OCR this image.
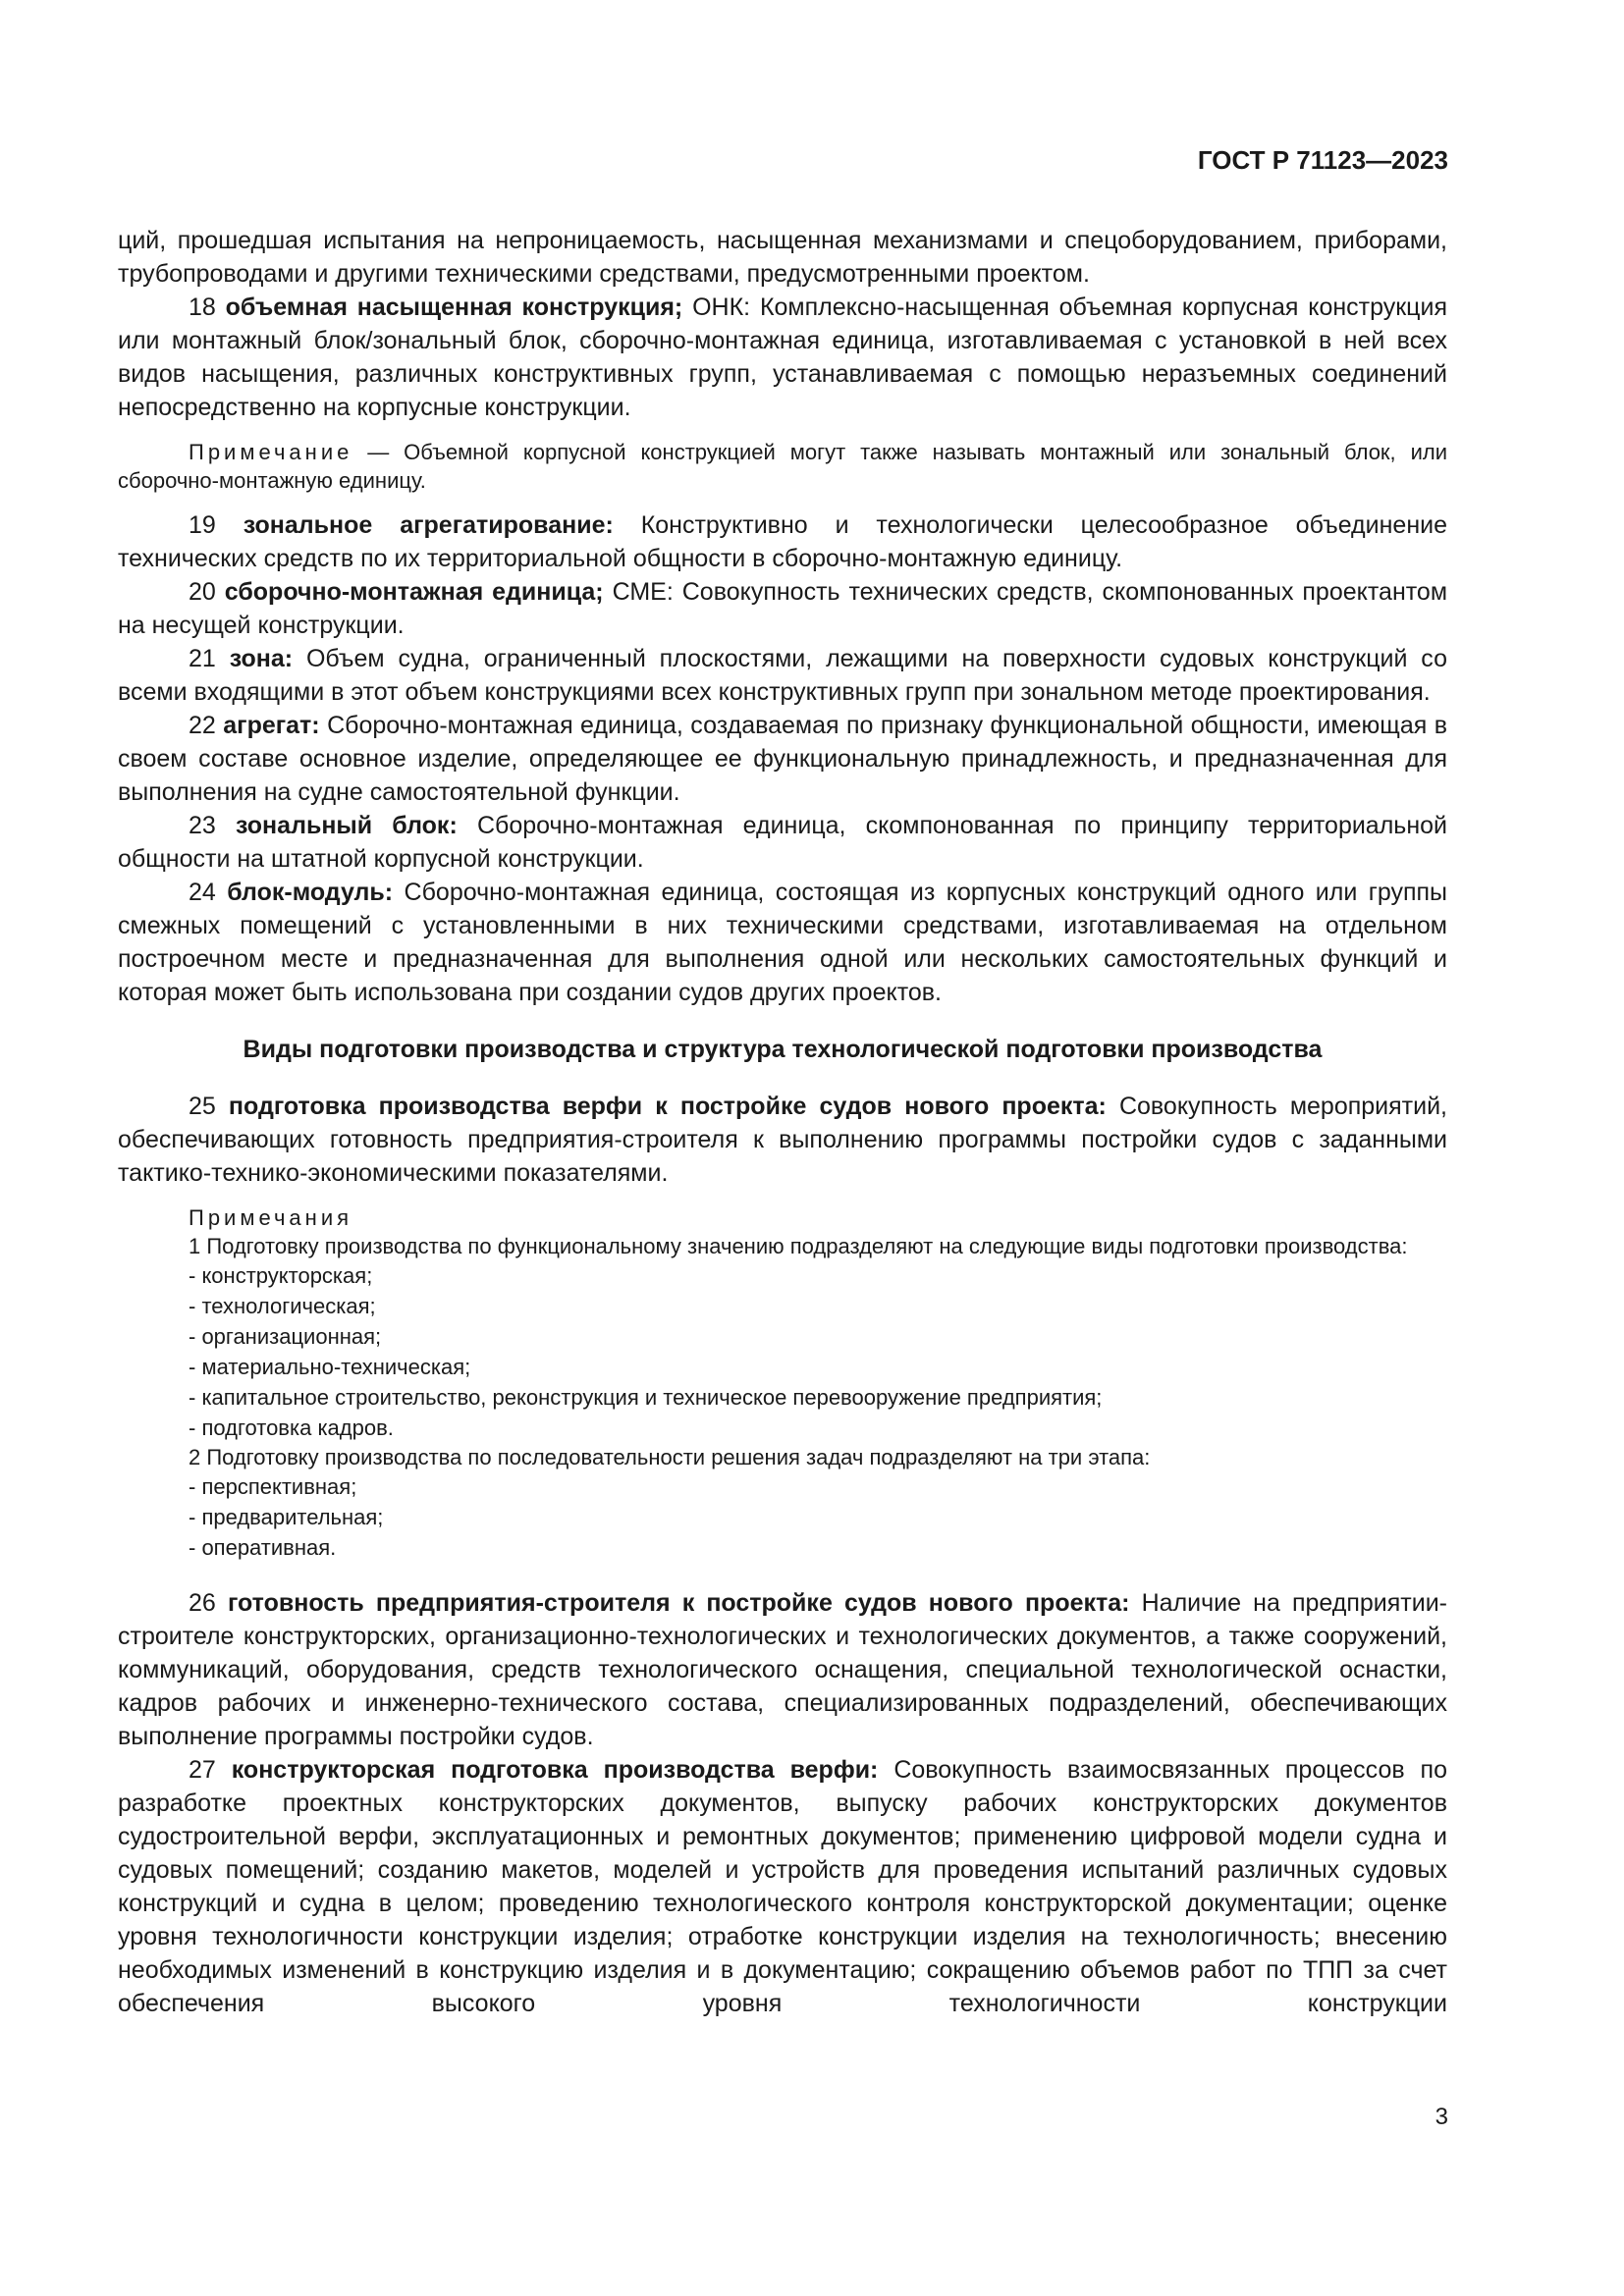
ГОСТ Р 71123—2023

ций, прошедшая испытания на непроницаемость, насыщенная механизмами и спецоборудованием, приборами, трубопроводами и другими техническими средствами, предусмотренными проектом.

18 объемная насыщенная конструкция; ОНК: Комплексно-насыщенная объемная корпусная конструкция или монтажный блок/зональный блок, сборочно-монтажная единица, изготавливаемая с установкой в ней всех видов насыщения, различных конструктивных групп, устанавливаемая с помощью неразъемных соединений непосредственно на корпусные конструкции.

Примечание — Объемной корпусной конструкцией могут также называть монтажный или зональный блок, или сборочно-монтажную единицу.

19 зональное агрегатирование: Конструктивно и технологически целесообразное объединение технических средств по их территориальной общности в сборочно-монтажную единицу.

20 сборочно-монтажная единица; СМЕ: Совокупность технических средств, скомпонованных проектантом на несущей конструкции.

21 зона: Объем судна, ограниченный плоскостями, лежащими на поверхности судовых конструкций со всеми входящими в этот объем конструкциями всех конструктивных групп при зональном методе проектирования.

22 агрегат: Сборочно-монтажная единица, создаваемая по признаку функциональной общности, имеющая в своем составе основное изделие, определяющее ее функциональную принадлежность, и предназначенная для выполнения на судне самостоятельной функции.

23 зональный блок: Сборочно-монтажная единица, скомпонованная по принципу территориальной общности на штатной корпусной конструкции.

24 блок-модуль: Сборочно-монтажная единица, состоящая из корпусных конструкций одного или группы смежных помещений с установленными в них техническими средствами, изготавливаемая на отдельном построечном месте и предназначенная для выполнения одной или нескольких самостоятельных функций и которая может быть использована при создании судов других проектов.

Виды подготовки производства и структура технологической подготовки производства

25 подготовка производства верфи к постройке судов нового проекта: Совокупность мероприятий, обеспечивающих готовность предприятия-строителя к выполнению программы постройки судов с заданными тактико-технико-экономическими показателями.

Примечания

1 Подготовку производства по функциональному значению подразделяют на следующие виды подготовки производства:

- конструкторская;
- технологическая;
- организационная;
- материально-техническая;
- капитальное строительство, реконструкция и техническое перевооружение предприятия;
- подготовка кадров.

2 Подготовку производства по последовательности решения задач подразделяют на три этапа:

- перспективная;
- предварительная;
- оперативная.

26 готовность предприятия-строителя к постройке судов нового проекта: Наличие на предприятии-строителе конструкторских, организационно-технологических и технологических документов, а также сооружений, коммуникаций, оборудования, средств технологического оснащения, специальной технологической оснастки, кадров рабочих и инженерно-технического состава, специализированных подразделений, обеспечивающих выполнение программы постройки судов.

27 конструкторская подготовка производства верфи: Совокупность взаимосвязанных процессов по разработке проектных конструкторских документов, выпуску рабочих конструкторских документов судостроительной верфи, эксплуатационных и ремонтных документов; применению цифровой модели судна и судовых помещений; созданию макетов, моделей и устройств для проведения испытаний различных судовых конструкций и судна в целом; проведению технологического контроля конструкторской документации; оценке уровня технологичности конструкции изделия; отработке конструкции изделия на технологичность; внесению необходимых изменений в конструкцию изделия и в документацию; сокращению объемов работ по ТПП за счет обеспечения высокого уровня технологичности конструкции

3
